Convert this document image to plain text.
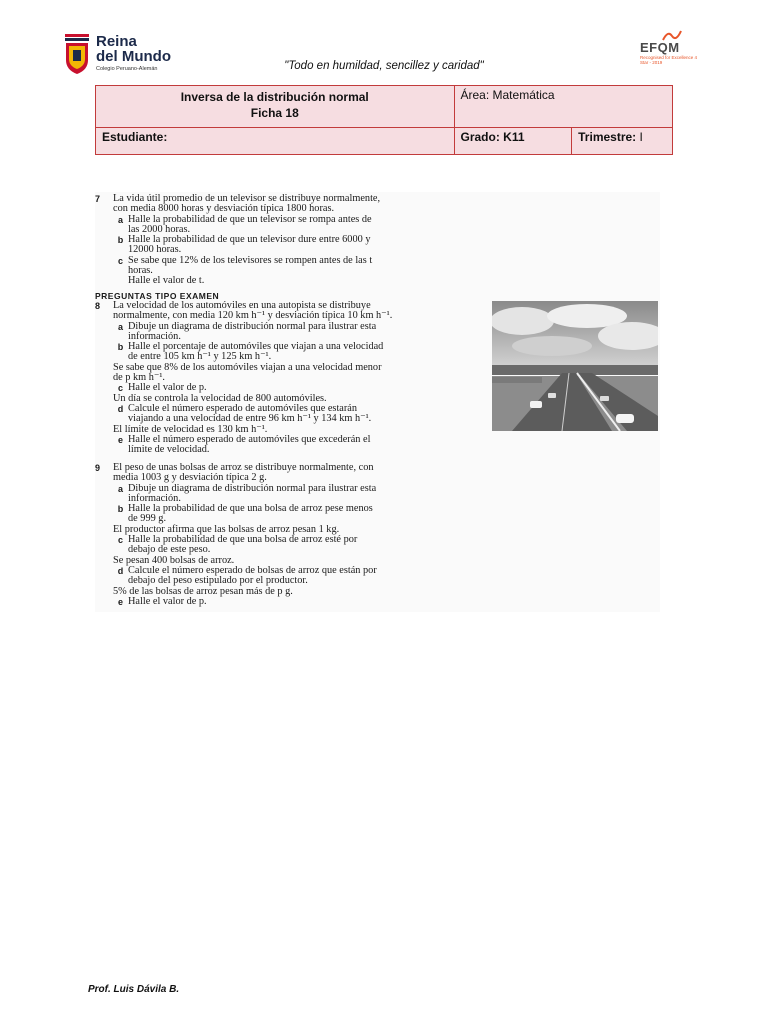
Reina
del Mundo
Colegio Peruano-Alemán	"Todo en humildad, sencillez y caridad"
EFQM
Recognised for Excellence 4 Star - 2019
Inversa de la distribución normal
Ficha 18	Área: Matemática	
Estudiante:	Grado: K11	Trimestre: I
7	La vida útil promedio de un televisor se distribuye normalmente,
con media 8000 horas y desviación típica 1800 horas.
a Halle la probabilidad de que un televisor se rompa antes de
las 2000 horas.
b Halle la probabilidad de que un televisor dure entre 6000 y
12000 horas.
c Se sabe que 12% de los televisores se rompen antes de las t
horas.
Halle el valor de t.
PREGUNTAS TIPO EXAMEN
8	La velocidad de los automóviles en una autopista se distribuye
normalmente, con media 120 km h⁻¹ y desviación típica 10 km h⁻¹.
a Dibuje un diagrama de distribución normal para ilustrar esta
información.
b Halle el porcentaje de automóviles que viajan a una velocidad
de entre 105 km h⁻¹ y 125 km h⁻¹.
Se sabe que 8% de los automóviles viajan a una velocidad menor
de p km h⁻¹.
c Halle el valor de p.
Un día se controla la velocidad de 800 automóviles.
d Calcule el número esperado de automóviles que estarán
viajando a una velocidad de entre 96 km h⁻¹ y 134 km h⁻¹.
El límite de velocidad es 130 km h⁻¹.
e Halle el número esperado de automóviles que excederán el
límite de velocidad.
9	El peso de unas bolsas de arroz se distribuye normalmente, con
media 1003 g y desviación típica 2 g.
a Dibuje un diagrama de distribución normal para ilustrar esta
información.
b Halle la probabilidad de que una bolsa de arroz pese menos
de 999 g.
El productor afirma que las bolsas de arroz pesan 1 kg.
c Halle la probabilidad de que una bolsa de arroz esté por
debajo de este peso.
Se pesan 400 bolsas de arroz.
d Calcule el número esperado de bolsas de arroz que están por
debajo del peso estipulado por el productor.
5% de las bolsas de arroz pesan más de p g.
e Halle el valor de p.
Prof. Luis Dávila B.
